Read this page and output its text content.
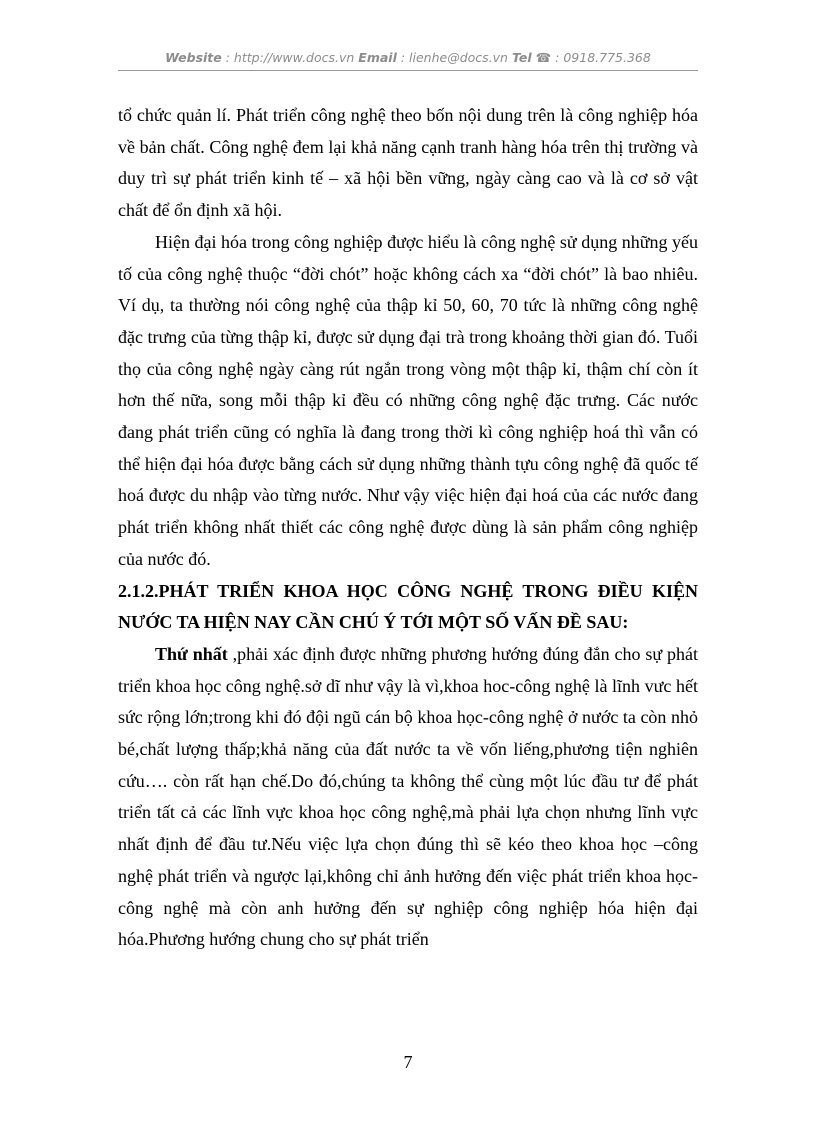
Website : http://www.docs.vn Email : lienhe@docs.vn Tel ☎ : 0918.775.368

tổ chức quản lí. Phát triển công nghệ theo bốn nội dung trên là công nghiệp hóa về bản chất. Công nghệ đem lại khả năng cạnh tranh hàng hóa trên thị trường và duy trì sự phát triển kinh tế – xã hội bền vững, ngày càng cao và là cơ sở vật chất để ổn định xã hội.

Hiện đại hóa trong công nghiệp được hiểu là công nghệ sử dụng những yếu tố của công nghệ thuộc “đời chót” hoặc không cách xa “đời chót” là bao nhiêu. Ví dụ, ta thường nói công nghệ của thập kỉ 50, 60, 70 tức là những công nghệ đặc trưng của từng thập kỉ, được sử dụng đại trà trong khoảng thời gian đó. Tuổi thọ của công nghệ ngày càng rút ngắn trong vòng một thập kỉ, thậm chí còn ít hơn thế nữa, song mỗi thập kỉ đều có những công nghệ đặc trưng. Các nước đang phát triển cũng có nghĩa là đang trong thời kì công nghiệp hoá thì vẫn có thể hiện đại hóa được bằng cách sử dụng những thành tựu công nghệ đã quốc tế hoá được du nhập vào từng nước. Như vậy việc hiện đại hoá của các nước đang phát triển không nhất thiết các công nghệ được dùng là sản phẩm công nghiệp của nước đó.

2.1.2.PHÁT TRIỂN KHOA HỌC CÔNG NGHỆ TRONG ĐIỀU KIỆN NƯỚC TA HIỆN NAY CẦN CHÚ Ý TỚI MỘT SỐ VẤN ĐỀ SAU:

Thứ nhất ,phải xác định được những phương hướng đúng đắn cho sự phát triển khoa học công nghệ.sở dĩ như vậy là vì,khoa hoc-công nghệ là lĩnh vưc hết sức rộng lớn;trong khi đó đội ngũ cán bộ khoa học-công nghệ ở nước ta còn nhỏ bé,chất lượng thấp;khả năng của đất nước ta về vốn liếng,phương tiện nghiên cứu…. còn rất hạn chế.Do đó,chúng ta không thể cùng một lúc đầu tư để phát triển tất cả các lĩnh vực khoa học công nghệ,mà phải lựa chọn nhưng lĩnh vực nhất định để đầu tư.Nếu việc lựa chọn đúng thì sẽ kéo theo khoa học –công nghệ phát triển và ngược lại,không chỉ ảnh hưởng đến việc phát triển khoa học-công nghệ mà còn anh hưởng đến sự nghiệp công nghiệp hóa hiện đại hóa.Phương hướng chung cho sự phát triển

7
